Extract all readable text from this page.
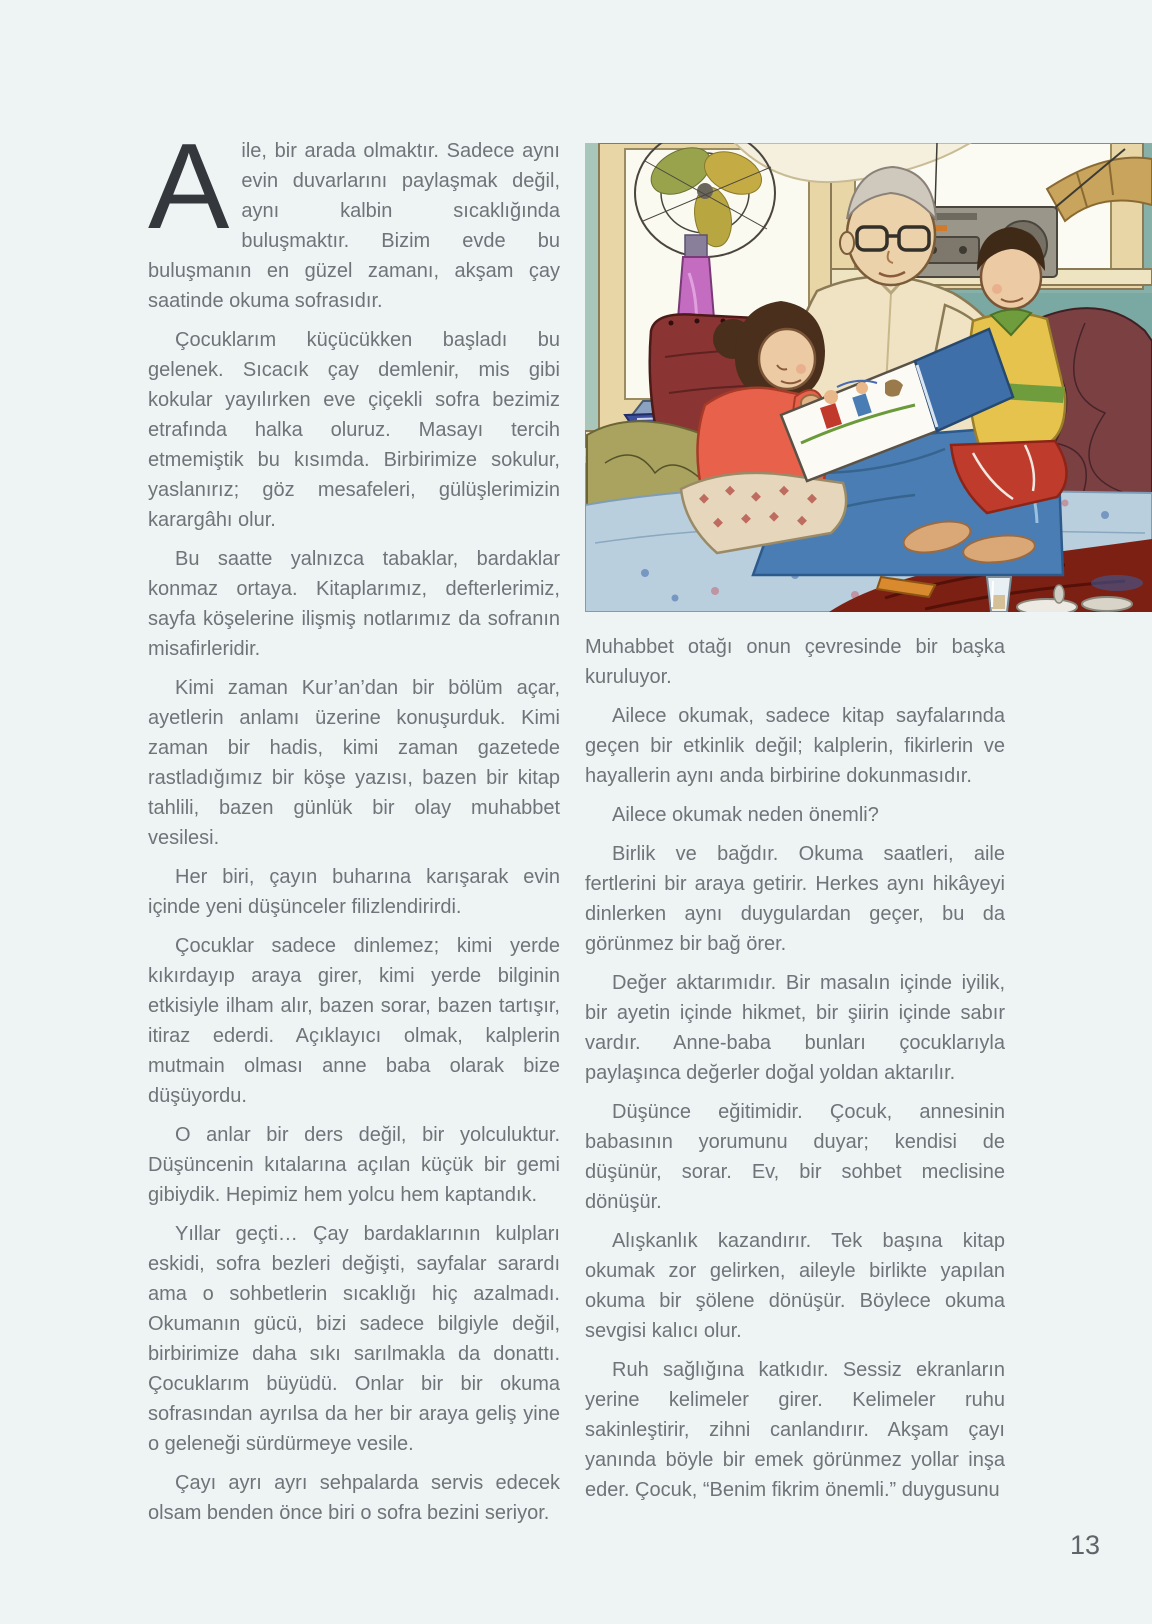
Aile, bir arada olmaktır. Sadece aynı evin duvarlarını paylaşmak değil, aynı kalbin sıcaklığında buluşmaktır. Bizim evde bu buluşmanın en güzel zamanı, akşam çay saatinde okuma sofrasıdır.

Çocuklarım küçücükken başladı bu gelenek. Sıcacık çay demlenir, mis gibi kokular yayılırken eve çiçekli sofra bezimiz etrafında halka oluruz. Masayı tercih etmemiştik bu kısımda. Birbirimize sokulur, yaslanırız; göz mesafeleri, gülüşlerimizin karargâhı olur.

Bu saatte yalnızca tabaklar, bardaklar konmaz ortaya. Kitaplarımız, defterlerimiz, sayfa köşelerine ilişmiş notlarımız da sofranın misafirleridir.

Kimi zaman Kur’an’dan bir bölüm açar, ayetlerin anlamı üzerine konuşurduk. Kimi zaman bir hadis, kimi zaman gazetede rastladığımız bir köşe yazısı, bazen bir kitap tahlili, bazen günlük bir olay muhabbet vesilesi.

Her biri, çayın buharına karışarak evin içinde yeni düşünceler filizlendirirdi.

Çocuklar sadece dinlemez; kimi yerde kıkırdayıp araya girer, kimi yerde bilginin etkisiyle ilham alır, bazen sorar, bazen tartışır, itiraz ederdi. Açıklayıcı olmak, kalplerin mutmain olması anne baba olarak bize düşüyordu.

O anlar bir ders değil, bir yolculuktur. Düşüncenin kıtalarına açılan küçük bir gemi gibiydik. Hepimiz hem yolcu hem kaptandık.

Yıllar geçti… Çay bardaklarının kulpları eskidi, sofra bezleri değişti, sayfalar sarardı ama o sohbetlerin sıcaklığı hiç azalmadı. Okumanın gücü, bizi sadece bilgiyle değil, birbirimize daha sıkı sarılmakla da donattı. Çocuklarım büyüdü. Onlar bir bir okuma sofrasından ayrılsa da her bir araya geliş yine o geleneği sürdürmeye vesile.

Çayı ayrı ayrı sehpalarda servis edecek olsam benden önce biri o sofra bezini seriyor.

Muhabbet otağı onun çevresinde bir başka kuruluyor.

Ailece okumak, sadece kitap sayfalarında geçen bir etkinlik değil; kalplerin, fikirlerin ve hayallerin aynı anda birbirine dokunmasıdır.

Ailece okumak neden önemli?

Birlik ve bağdır. Okuma saatleri, aile fertlerini bir araya getirir. Herkes aynı hikâyeyi dinlerken aynı duygulardan geçer, bu da görünmez bir bağ örer.

Değer aktarımıdır. Bir masalın içinde iyilik, bir ayetin içinde hikmet, bir şiirin içinde sabır vardır. Anne-baba bunları çocuklarıyla paylaşınca değerler doğal yoldan aktarılır.

Düşünce eğitimidir. Çocuk, annesinin babasının yorumunu duyar; kendisi de düşünür, sorar. Ev, bir sohbet meclisine dönüşür.

Alışkanlık kazandırır. Tek başına kitap okumak zor gelirken, aileyle birlikte yapılan okuma bir şölene dönüşür. Böylece okuma sevgisi kalıcı olur.

Ruh sağlığına katkıdır. Sessiz ekranların yerine kelimeler girer. Kelimeler ruhu sakinleştirir, zihni canlandırır. Akşam çayı yanında böyle bir emek görünmez yollar inşa eder. Çocuk, “Benim fikrim önemli.” duygusunu

13
